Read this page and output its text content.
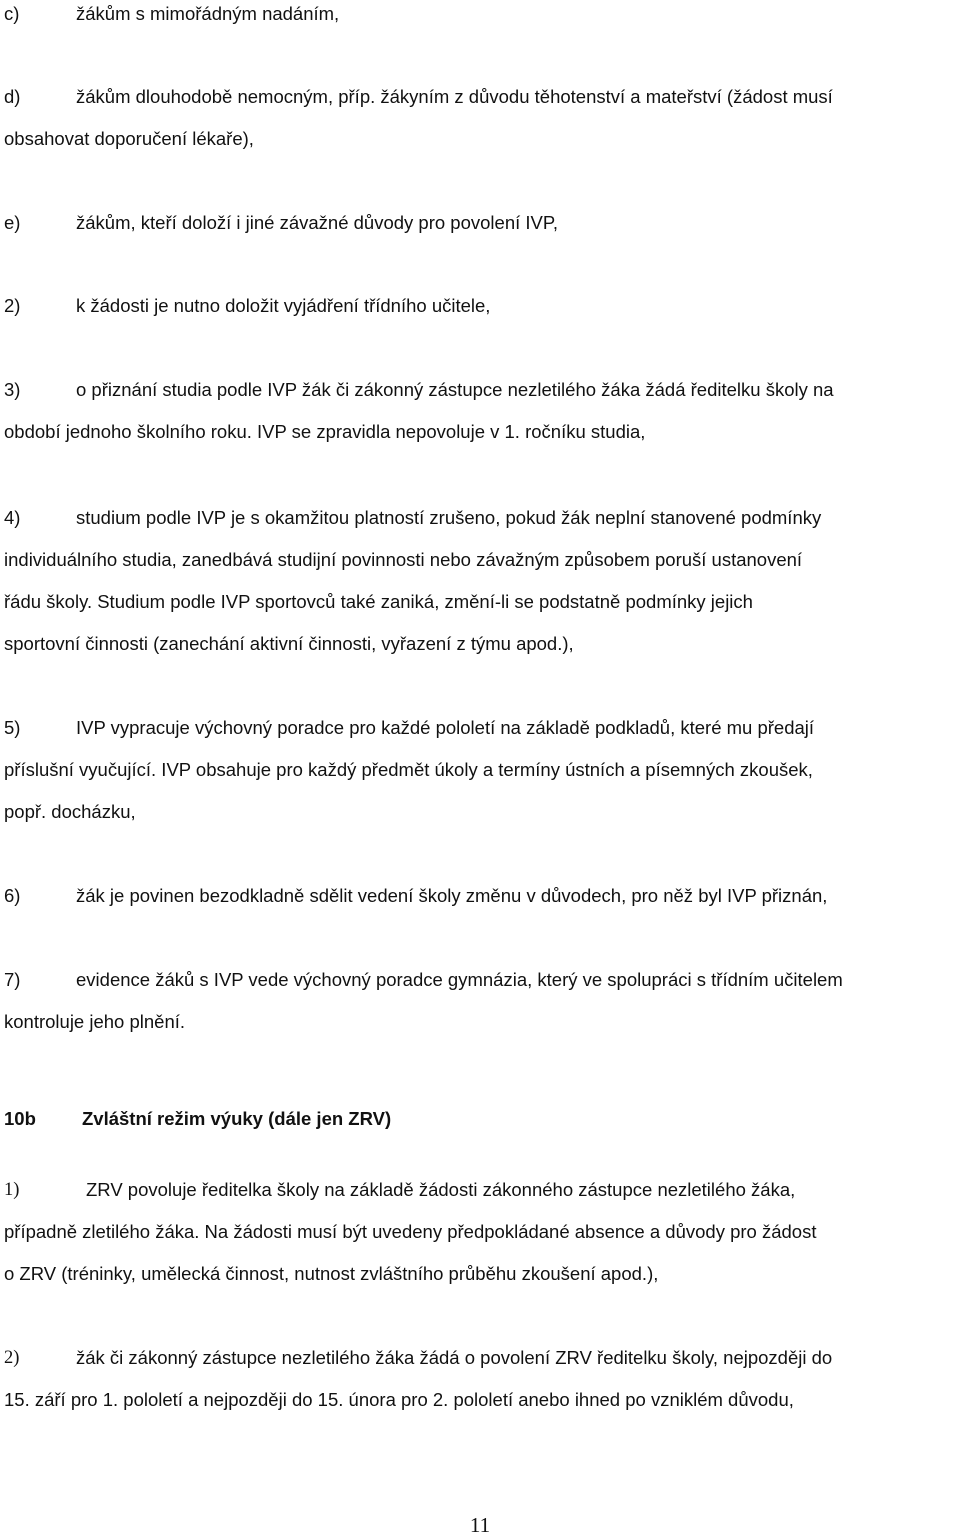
c)	žákům s mimořádným nadáním,
d)	žákům dlouhodobě nemocným, příp. žákyním z důvodu těhotenství a mateřství (žádost musí
obsahovat doporučení lékaře),
e)	žákům, kteří doloží i jiné závažné důvody pro povolení IVP,
2)	k žádosti je nutno doložit vyjádření třídního učitele,
3)	o přiznání studia podle IVP žák či zákonný zástupce nezletilého žáka žádá ředitelku školy na
období jednoho školního roku. IVP se zpravidla nepovoluje v 1. ročníku studia,
4)	studium podle IVP je s okamžitou platností zrušeno, pokud žák neplní stanovené podmínky
individuálního studia, zanedbává studijní povinnosti nebo závažným způsobem poruší ustanovení
řádu školy. Studium podle IVP sportovců také zaniká, změní-li se podstatně podmínky jejich
sportovní činnosti (zanechání aktivní činnosti, vyřazení z týmu apod.),
5)	IVP vypracuje výchovný poradce pro každé pololetí na základě podkladů, které mu předají
příslušní vyučující. IVP obsahuje pro každý předmět úkoly a termíny ústních a písemných zkoušek,
popř. docházku,
6)	žák je povinen bezodkladně sdělit vedení školy změnu v důvodech, pro něž byl IVP přiznán,
7)	evidence žáků s IVP vede výchovný poradce gymnázia, který ve spolupráci s třídním učitelem
kontroluje jeho plnění.
10b Zvláštní režim výuky (dále jen ZRV)
1)	ZRV povoluje ředitelka školy na základě žádosti zákonného zástupce nezletilého žáka,
případně zletilého žáka. Na žádosti musí být uvedeny předpokládané absence a důvody pro žádost
o ZRV (tréninky, umělecká činnost, nutnost zvláštního průběhu zkoušení apod.),
2)	žák či zákonný zástupce nezletilého žáka žádá o povolení ZRV ředitelku školy, nejpozději do
15. září pro 1. pololetí a nejpozději do 15. února pro 2. pololetí anebo ihned po vzniklém důvodu,
11
